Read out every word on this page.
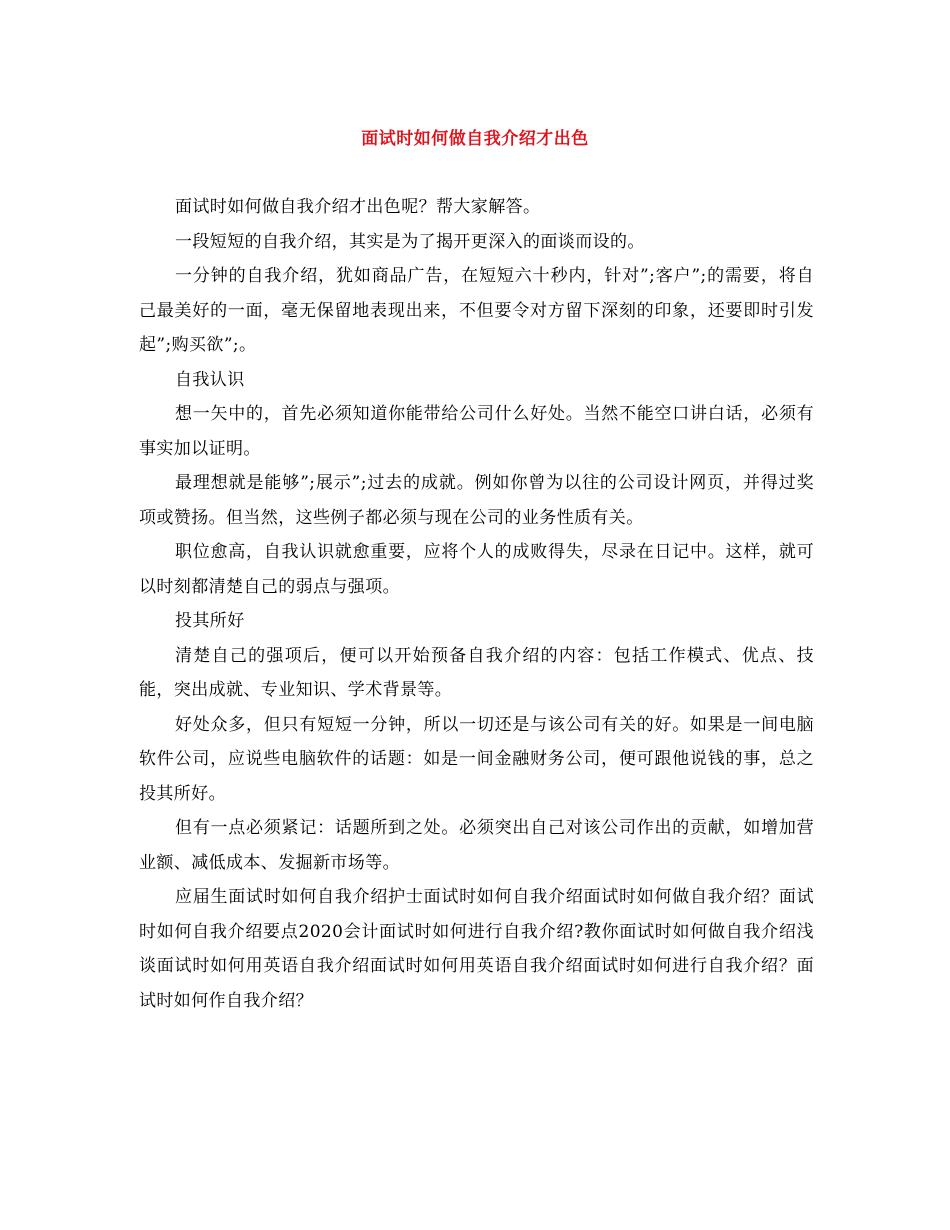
面试时如何做自我介绍才出色

面试时如何做自我介绍才出色呢？帮大家解答。

一段短短的自我介绍，其实是为了揭开更深入的面谈而设的。

一分钟的自我介绍，犹如商品广告，在短短六十秒内，针对”;客户”;的需要，将自己最美好的一面，毫无保留地表现出来，不但要令对方留下深刻的印象，还要即时引发起”;购买欲”;。

自我认识

想一矢中的，首先必须知道你能带给公司什么好处。当然不能空口讲白话，必须有事实加以证明。

最理想就是能够”;展示”;过去的成就。例如你曾为以往的公司设计网页，并得过奖项或赞扬。但当然，这些例子都必须与现在公司的业务性质有关。

职位愈高，自我认识就愈重要，应将个人的成败得失，尽录在日记中。这样，就可以时刻都清楚自己的弱点与强项。

投其所好

清楚自己的强项后，便可以开始预备自我介绍的内容：包括工作模式、优点、技能，突出成就、专业知识、学术背景等。

好处众多，但只有短短一分钟，所以一切还是与该公司有关的好。如果是一间电脑软件公司，应说些电脑软件的话题：如是一间金融财务公司，便可跟他说钱的事，总之投其所好。

但有一点必须紧记：话题所到之处。必须突出自己对该公司作出的贡献，如增加营业额、减低成本、发掘新市场等。

应届生面试时如何自我介绍护士面试时如何自我介绍面试时如何做自我介绍？面试时如何自我介绍要点2020会计面试时如何进行自我介绍?教你面试时如何做自我介绍浅谈面试时如何用英语自我介绍面试时如何用英语自我介绍面试时如何进行自我介绍？面试时如何作自我介绍？
